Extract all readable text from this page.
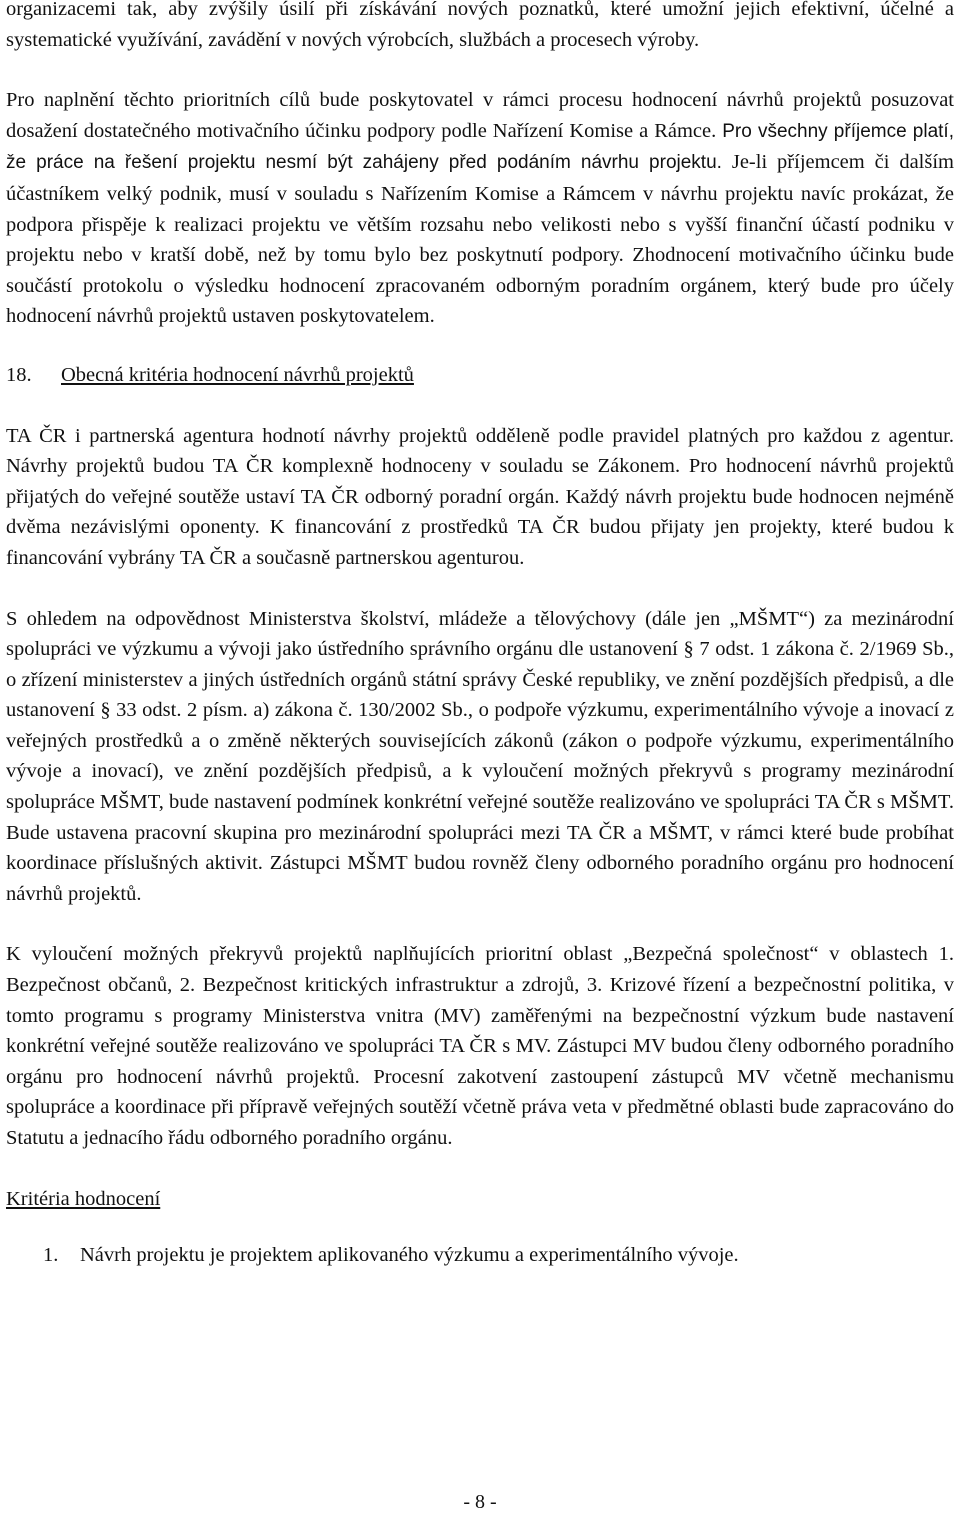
organizacemi tak, aby zvýšily úsilí při získávání nových poznatků, které umožní jejich efektivní, účelné a systematické využívání, zavádění v nových výrobcích, službách a procesech výroby.

Pro naplnění těchto prioritních cílů bude poskytovatel v rámci procesu hodnocení návrhů projektů posuzovat dosažení dostatečného motivačního účinku podpory podle Nařízení Komise a Rámce. Pro všechny příjemce platí, že práce na řešení projektu nesmí být zahájeny před podáním návrhu projektu. Je-li příjemcem či dalším účastníkem velký podnik, musí v souladu s Nařízením Komise a Rámcem v návrhu projektu navíc prokázat, že podpora přispěje k realizaci projektu ve větším rozsahu nebo velikosti nebo s vyšší finanční účastí podniku v projektu nebo v kratší době, než by tomu bylo bez poskytnutí podpory. Zhodnocení motivačního účinku bude součástí protokolu o výsledku hodnocení zpracovaném odborným poradním orgánem, který bude pro účely hodnocení návrhů projektů ustaven poskytovatelem.

18. Obecná kritéria hodnocení návrhů projektů

TA ČR i partnerská agentura hodnotí návrhy projektů odděleně podle pravidel platných pro každou z agentur. Návrhy projektů budou TA ČR komplexně hodnoceny v souladu se Zákonem. Pro hodnocení návrhů projektů přijatých do veřejné soutěže ustaví TA ČR odborný poradní orgán. Každý návrh projektu bude hodnocen nejméně dvěma nezávislými oponenty. K financování z prostředků TA ČR budou přijaty jen projekty, které budou k financování vybrány TA ČR a současně partnerskou agenturou.

S ohledem na odpovědnost Ministerstva školství, mládeže a tělovýchovy (dále jen „MŠMT“) za mezinárodní spolupráci ve výzkumu a vývoji jako ústředního správního orgánu dle ustanovení § 7 odst. 1 zákona č. 2/1969 Sb., o zřízení ministerstev a jiných ústředních orgánů státní správy České republiky, ve znění pozdějších předpisů, a dle ustanovení § 33 odst. 2 písm. a) zákona č. 130/2002 Sb., o podpoře výzkumu, experimentálního vývoje a inovací z veřejných prostředků a o změně některých souvisejících zákonů (zákon o podpoře výzkumu, experimentálního vývoje a inovací), ve znění pozdějších předpisů, a k vyloučení možných překryvů s programy mezinárodní spolupráce MŠMT, bude nastavení podmínek konkrétní veřejné soutěže realizováno ve spolupráci TA ČR s MŠMT. Bude ustavena pracovní skupina pro mezinárodní spolupráci mezi TA ČR a MŠMT, v rámci které bude probíhat koordinace příslušných aktivit. Zástupci MŠMT budou rovněž členy odborného poradního orgánu pro hodnocení návrhů projektů.

K vyloučení možných překryvů projektů naplňujících prioritní oblast „Bezpečná společnost“ v oblastech 1. Bezpečnost občanů, 2. Bezpečnost kritických infrastruktur a zdrojů, 3. Krizové řízení a bezpečnostní politika, v tomto programu s programy Ministerstva vnitra (MV) zaměřenými na bezpečnostní výzkum bude nastavení konkrétní veřejné soutěže realizováno ve spolupráci TA ČR s MV. Zástupci MV budou členy odborného poradního orgánu pro hodnocení návrhů projektů. Procesní zakotvení zastoupení zástupců MV včetně mechanismu spolupráce a koordinace při přípravě veřejných soutěží včetně práva veta v předmětné oblasti bude zapracováno do Statutu a jednacího řádu odborného poradního orgánu.

Kritéria hodnocení
1. Návrh projektu je projektem aplikovaného výzkumu a experimentálního vývoje.
- 8 -
